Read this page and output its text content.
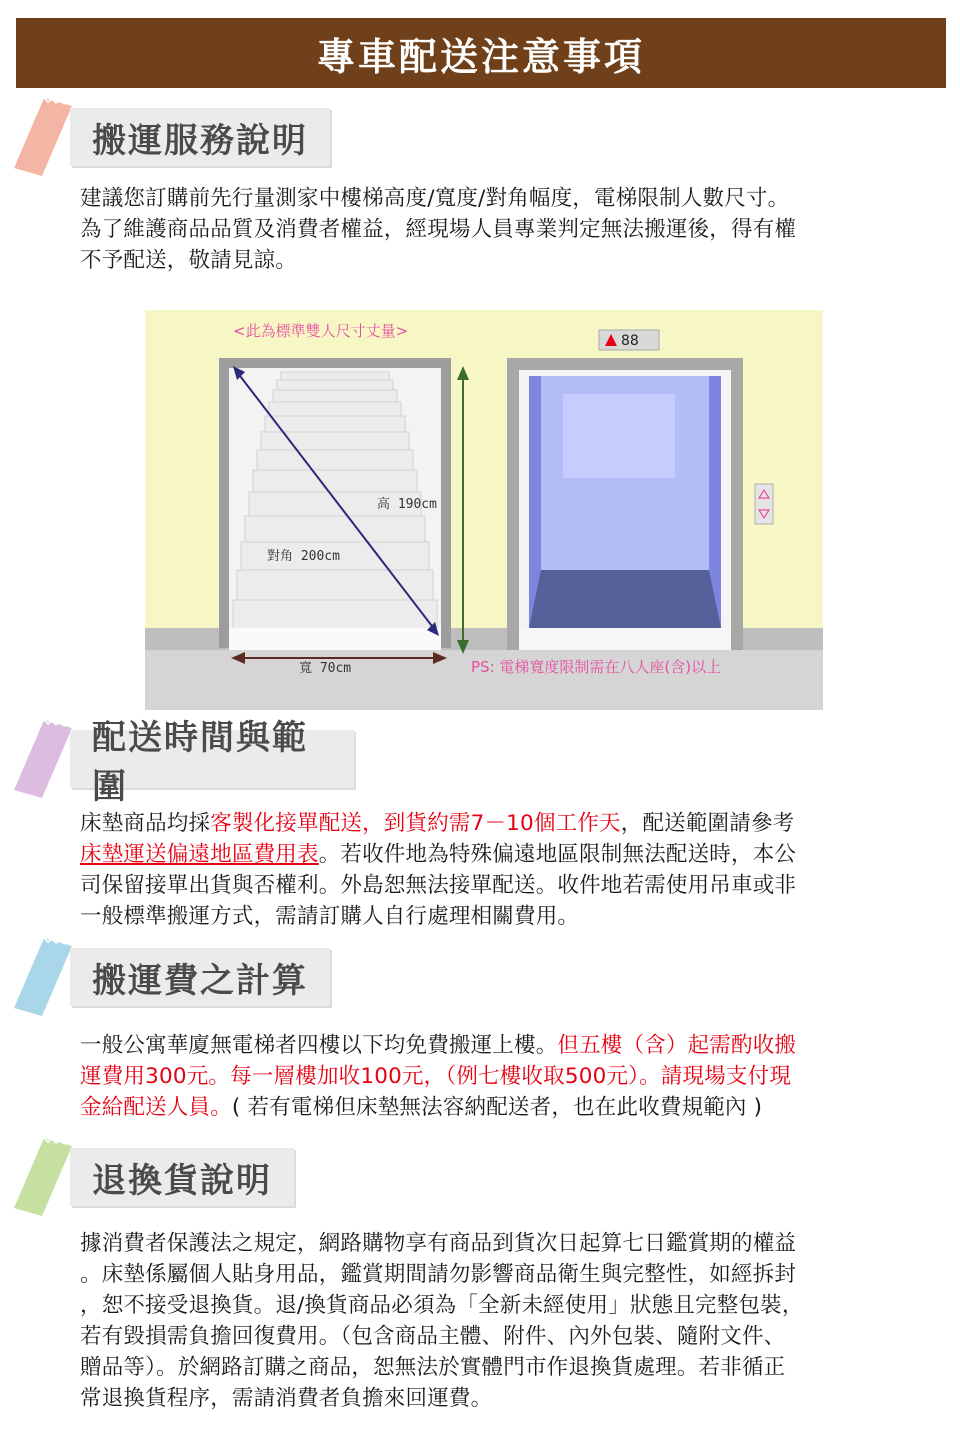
專車配送注意事項
搬運服務說明
建議您訂購前先行量測家中樓梯高度/寬度/對角幅度，電梯限制人數尺寸。
為了維護商品品質及消費者權益，經現場人員專業判定無法搬運後，得有權
不予配送，敬請見諒。
<此為標準雙人尺寸丈量>
高 190cm
對角 200cm
寬 70cm	PS: 電梯寬度限制需在八人座(含)以上
88
配送時間與範圍
床墊商品均採客製化接單配送，到貨約需7－10個工作天，配送範圍請參考
床墊運送偏遠地區費用表。若收件地為特殊偏遠地區限制無法配送時，本公
司保留接單出貨與否權利。外島恕無法接單配送。收件地若需使用吊車或非
一般標準搬運方式，需請訂購人自行處理相關費用。
搬運費之計算
一般公寓華廈無電梯者四樓以下均免費搬運上樓。但五樓（含）起需酌收搬
運費用300元。每一層樓加收100元，（例七樓收取500元）。請現場支付現
金給配送人員。( 若有電梯但床墊無法容納配送者，也在此收費規範內 )
退換貨說明
據消費者保護法之規定，網路購物享有商品到貨次日起算七日鑑賞期的權益
。床墊係屬個人貼身用品，鑑賞期間請勿影響商品衛生與完整性，如經拆封
，恕不接受退換貨。退/換貨商品必須為「全新未經使用」狀態且完整包裝，
若有毀損需負擔回復費用。（包含商品主體、附件、內外包裝、隨附文件、
贈品等）。於網路訂購之商品，恕無法於實體門市作退換貨處理。若非循正
常退換貨程序，需請消費者負擔來回運費。
